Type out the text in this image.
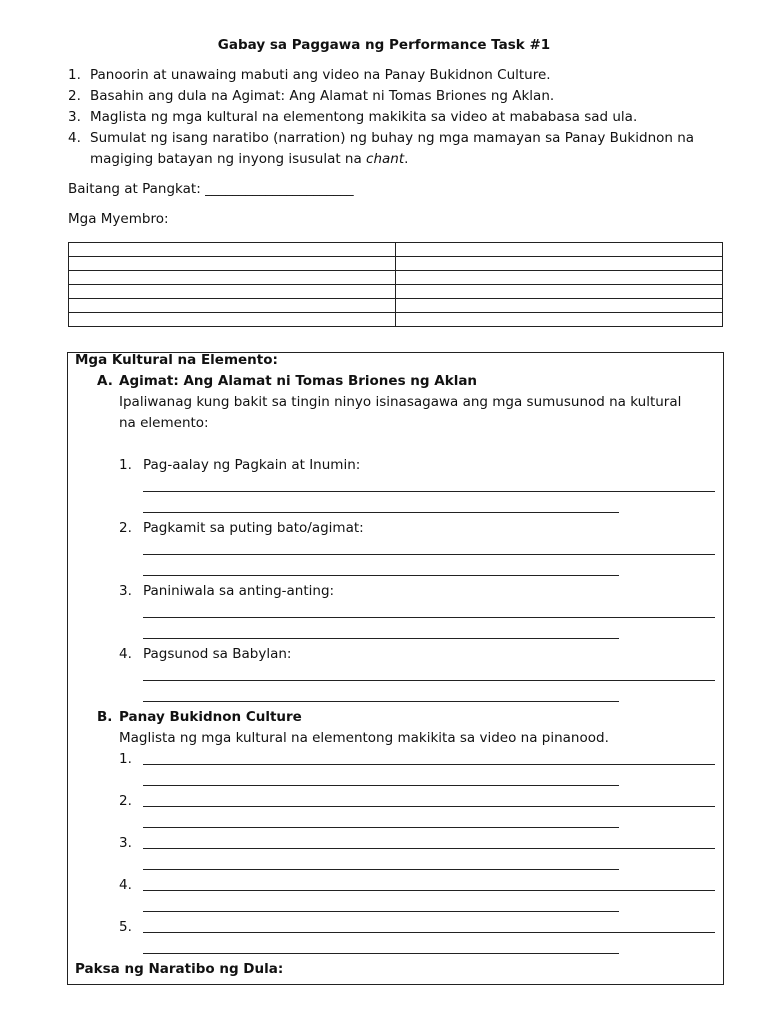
Gabay sa Paggawa ng Performance Task #1
1. Panoorin at unawaing mabuti ang video na Panay Bukidnon Culture.
2. Basahin ang dula na Agimat: Ang Alamat ni Tomas Briones ng Aklan.
3. Maglista ng mga kultural na elementong makikita sa video at mababasa sad ula.
4. Sumulat ng isang naratibo (narration) ng buhay ng mga mamayan sa Panay Bukidnon na
magiging batayan ng inyong isusulat na chant.
Baitang at Pangkat: ______________________
Mga Myembro:

Mga Kultural na Elemento:
A. Agimat: Ang Alamat ni Tomas Briones ng Aklan
Ipaliwanag kung bakit sa tingin ninyo isinasagawa ang mga sumusunod na kultural
na elemento:
1. Pag-aalay ng Pagkain at Inumin:
2. Pagkamit sa puting bato/agimat:
3. Paniniwala sa anting-anting:
4. Pagsunod sa Babylan:
B. Panay Bukidnon Culture
Maglista ng mga kultural na elementong makikita sa video na pinanood.
1.
2.
3.
4.
5.
Paksa ng Naratibo ng Dula:
